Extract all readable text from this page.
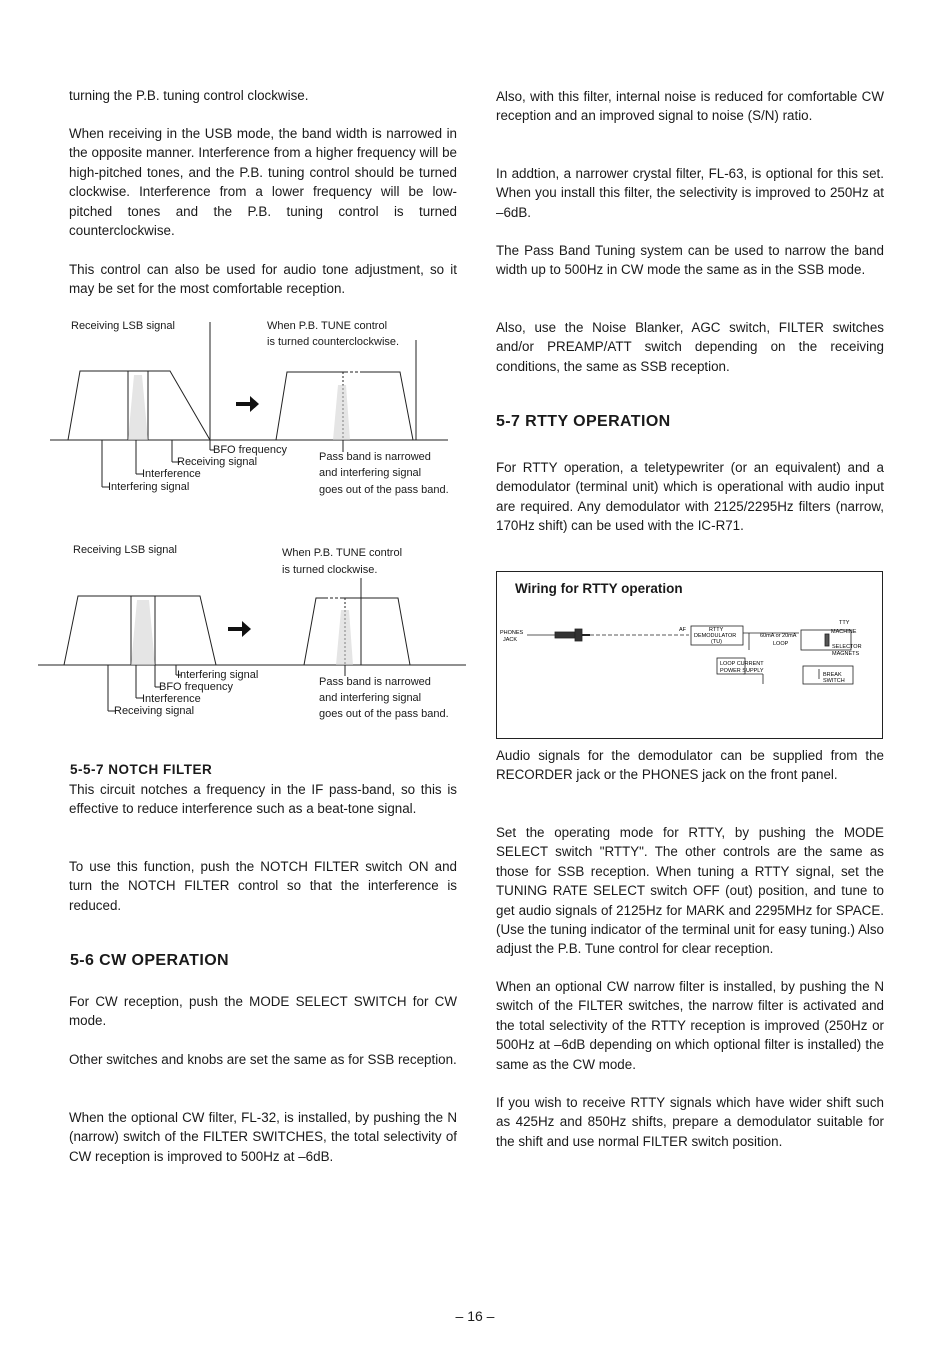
turning the P.B. tuning control clockwise.

When receiving in the USB mode, the band width is narrowed in the opposite manner. Interference from a higher frequency will be high-pitched tones, and the P.B. tuning control should be turned clockwise. Interference from a lower frequency will be low-pitched tones and the P.B. tuning control is turned counterclockwise.

This control can also be used for audio tone adjustment, so it may be set for the most comfortable reception.

Receiving LSB signal	When P.B. TUNE control
is turned counterclockwise.
BFO frequency
Receiving signal
Interference
Interfering signal
Pass band is narrowed
and interfering signal
goes out of the pass band.
Receiving LSB signal	When P.B. TUNE control
is turned clockwise.
Interfering signal
BFO frequency
Interference
Receiving signal
Pass band is narrowed
and interfering signal
goes out of the pass band.
5-5-7 NOTCH FILTER

This circuit notches a frequency in the IF pass-band, so this is effective to reduce interference such as a beat-tone signal.

To use this function, push the NOTCH FILTER switch ON and turn the NOTCH FILTER control so that the interference is reduced.

5-6 CW OPERATION

For CW reception, push the MODE SELECT SWITCH for CW mode.

Other switches and knobs are set the same as for SSB reception.

When the optional CW filter, FL-32, is installed, by pushing the N (narrow) switch of the FILTER SWITCHES, the total selectivity of CW reception is improved to 500Hz at –6dB.

Also, with this filter, internal noise is reduced for comfortable CW reception and an improved signal to noise (S/N) ratio.

In addtion, a narrower crystal filter, FL-63, is optional for this set. When you install this filter, the selectivity is improved to 250Hz at –6dB.

The Pass Band Tuning system can be used to narrow the band width up to 500Hz in CW mode the same as in the SSB mode.

Also, use the Noise Blanker, AGC switch, FILTER switches and/or PREAMP/ATT switch depending on the receiving conditions, the same as SSB reception.

5-7 RTTY OPERATION

For RTTY operation, a teletypewriter (or an equivalent) and a demodulator (terminal unit) which is operational with audio input are required. Any demodulator with 2125/2295Hz filters (narrow, 170Hz shift) can be used with the IC-R71.

Wiring for RTTY operation
PHONES
JACK
AF	RTTY
DEMODULATOR
(TU)
60mA or 20mA
LOOP
TTY
MACHINE
SELECTOR
MAGNETS
LOOP CURRENT
POWER SUPPLY
BREAK
SWITCH

Audio signals for the demodulator can be supplied from the RECORDER jack or the PHONES jack on the front panel.

Set the operating mode for RTTY, by pushing the MODE SELECT switch "RTTY". The other controls are the same as those for SSB reception. When tuning a RTTY signal, set the TUNING RATE SELECT switch OFF (out) position, and tune to get audio signals of 2125Hz for MARK and 2295MHz for SPACE. (Use the tuning indicator of the terminal unit for easy tuning.) Also adjust the P.B. Tune control for clear reception.

When an optional CW narrow filter is installed, by pushing the N switch of the FILTER switches, the narrow filter is activated and the total selectivity of the RTTY reception is improved (250Hz or 500Hz at –6dB depending on which optional filter is installed) the same as the CW mode.

If you wish to receive RTTY signals which have wider shift such as 425Hz and 850Hz shifts, prepare a demodulator suitable for the shift and use normal FILTER switch position.

– 16 –
